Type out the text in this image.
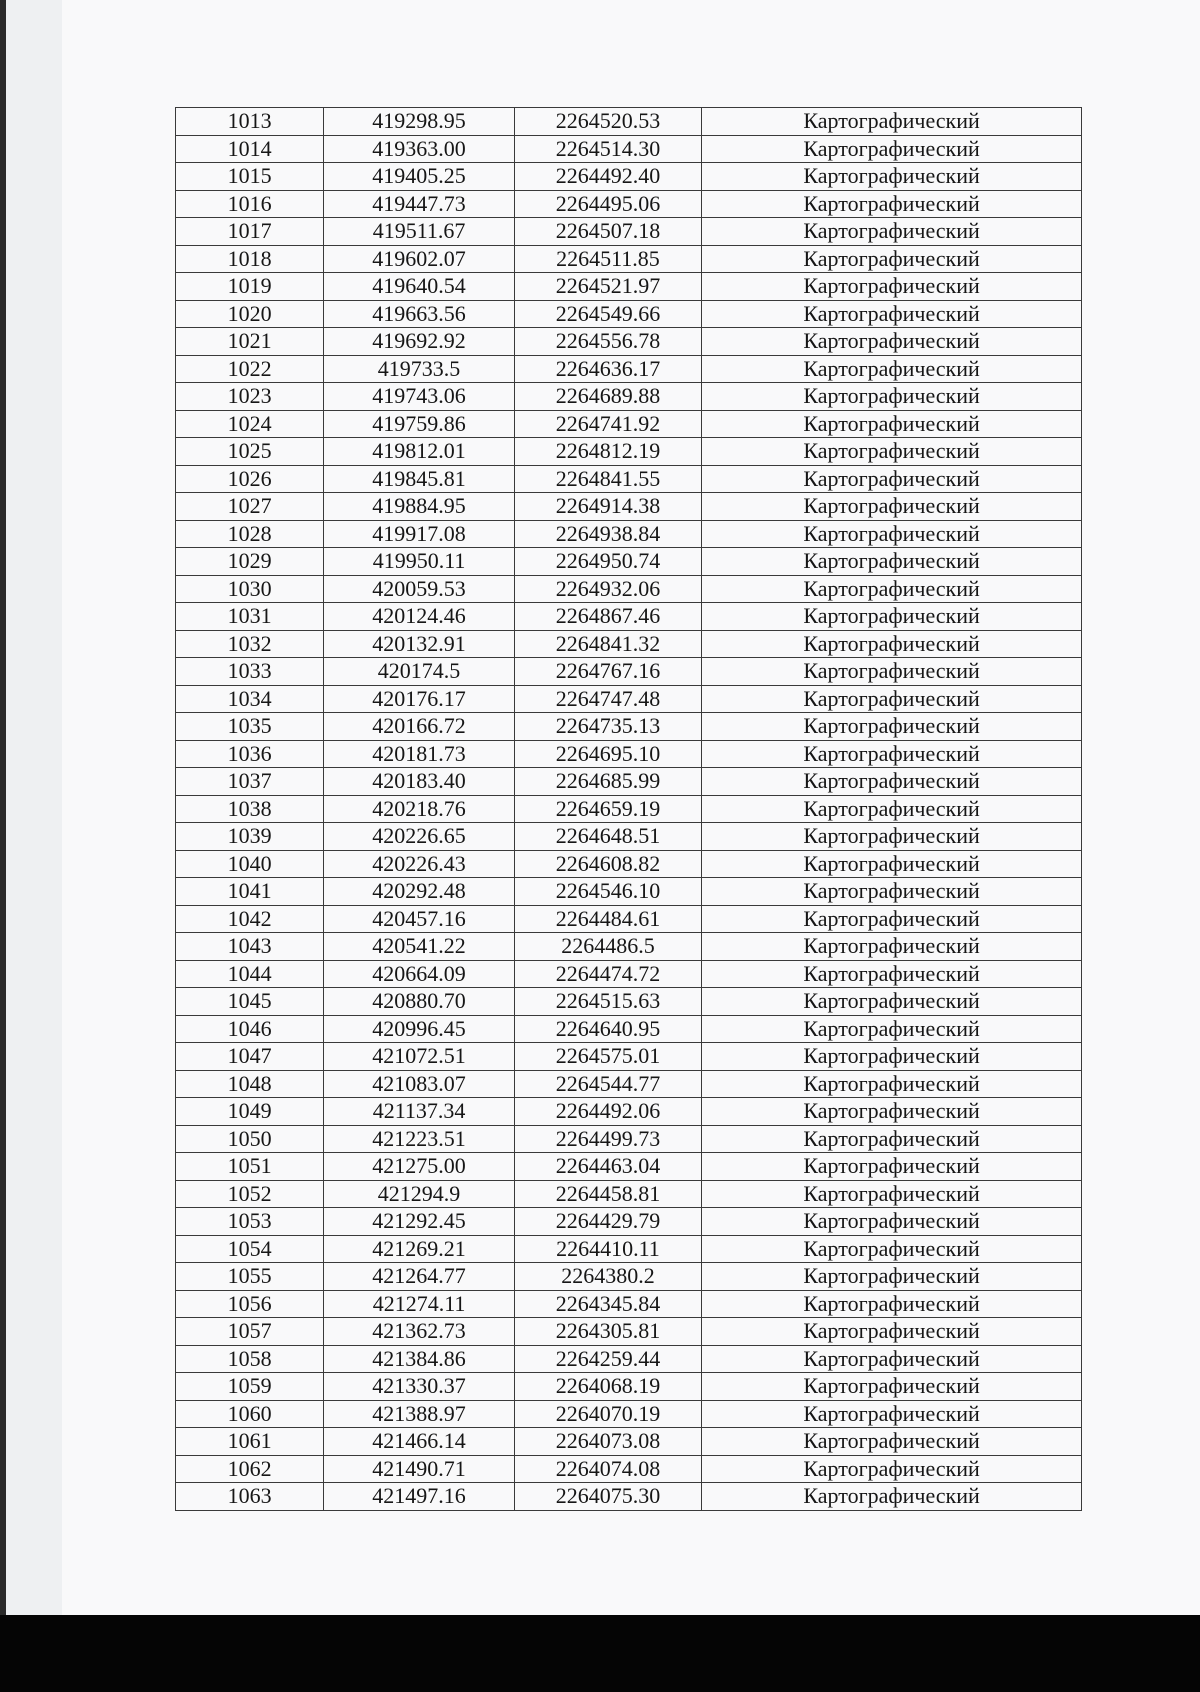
1013	419298.95	2264520.53	Картографический
1014	419363.00	2264514.30	Картографический
1015	419405.25	2264492.40	Картографический
1016	419447.73	2264495.06	Картографический
1017	419511.67	2264507.18	Картографический
1018	419602.07	2264511.85	Картографический
1019	419640.54	2264521.97	Картографический
1020	419663.56	2264549.66	Картографический
1021	419692.92	2264556.78	Картографический
1022	419733.5	2264636.17	Картографический
1023	419743.06	2264689.88	Картографический
1024	419759.86	2264741.92	Картографический
1025	419812.01	2264812.19	Картографический
1026	419845.81	2264841.55	Картографический
1027	419884.95	2264914.38	Картографический
1028	419917.08	2264938.84	Картографический
1029	419950.11	2264950.74	Картографический
1030	420059.53	2264932.06	Картографический
1031	420124.46	2264867.46	Картографический
1032	420132.91	2264841.32	Картографический
1033	420174.5	2264767.16	Картографический
1034	420176.17	2264747.48	Картографический
1035	420166.72	2264735.13	Картографический
1036	420181.73	2264695.10	Картографический
1037	420183.40	2264685.99	Картографический
1038	420218.76	2264659.19	Картографический
1039	420226.65	2264648.51	Картографический
1040	420226.43	2264608.82	Картографический
1041	420292.48	2264546.10	Картографический
1042	420457.16	2264484.61	Картографический
1043	420541.22	2264486.5	Картографический
1044	420664.09	2264474.72	Картографический
1045	420880.70	2264515.63	Картографический
1046	420996.45	2264640.95	Картографический
1047	421072.51	2264575.01	Картографический
1048	421083.07	2264544.77	Картографический
1049	421137.34	2264492.06	Картографический
1050	421223.51	2264499.73	Картографический
1051	421275.00	2264463.04	Картографический
1052	421294.9	2264458.81	Картографический
1053	421292.45	2264429.79	Картографический
1054	421269.21	2264410.11	Картографический
1055	421264.77	2264380.2	Картографический
1056	421274.11	2264345.84	Картографический
1057	421362.73	2264305.81	Картографический
1058	421384.86	2264259.44	Картографический
1059	421330.37	2264068.19	Картографический
1060	421388.97	2264070.19	Картографический
1061	421466.14	2264073.08	Картографический
1062	421490.71	2264074.08	Картографический
1063	421497.16	2264075.30	Картографический
